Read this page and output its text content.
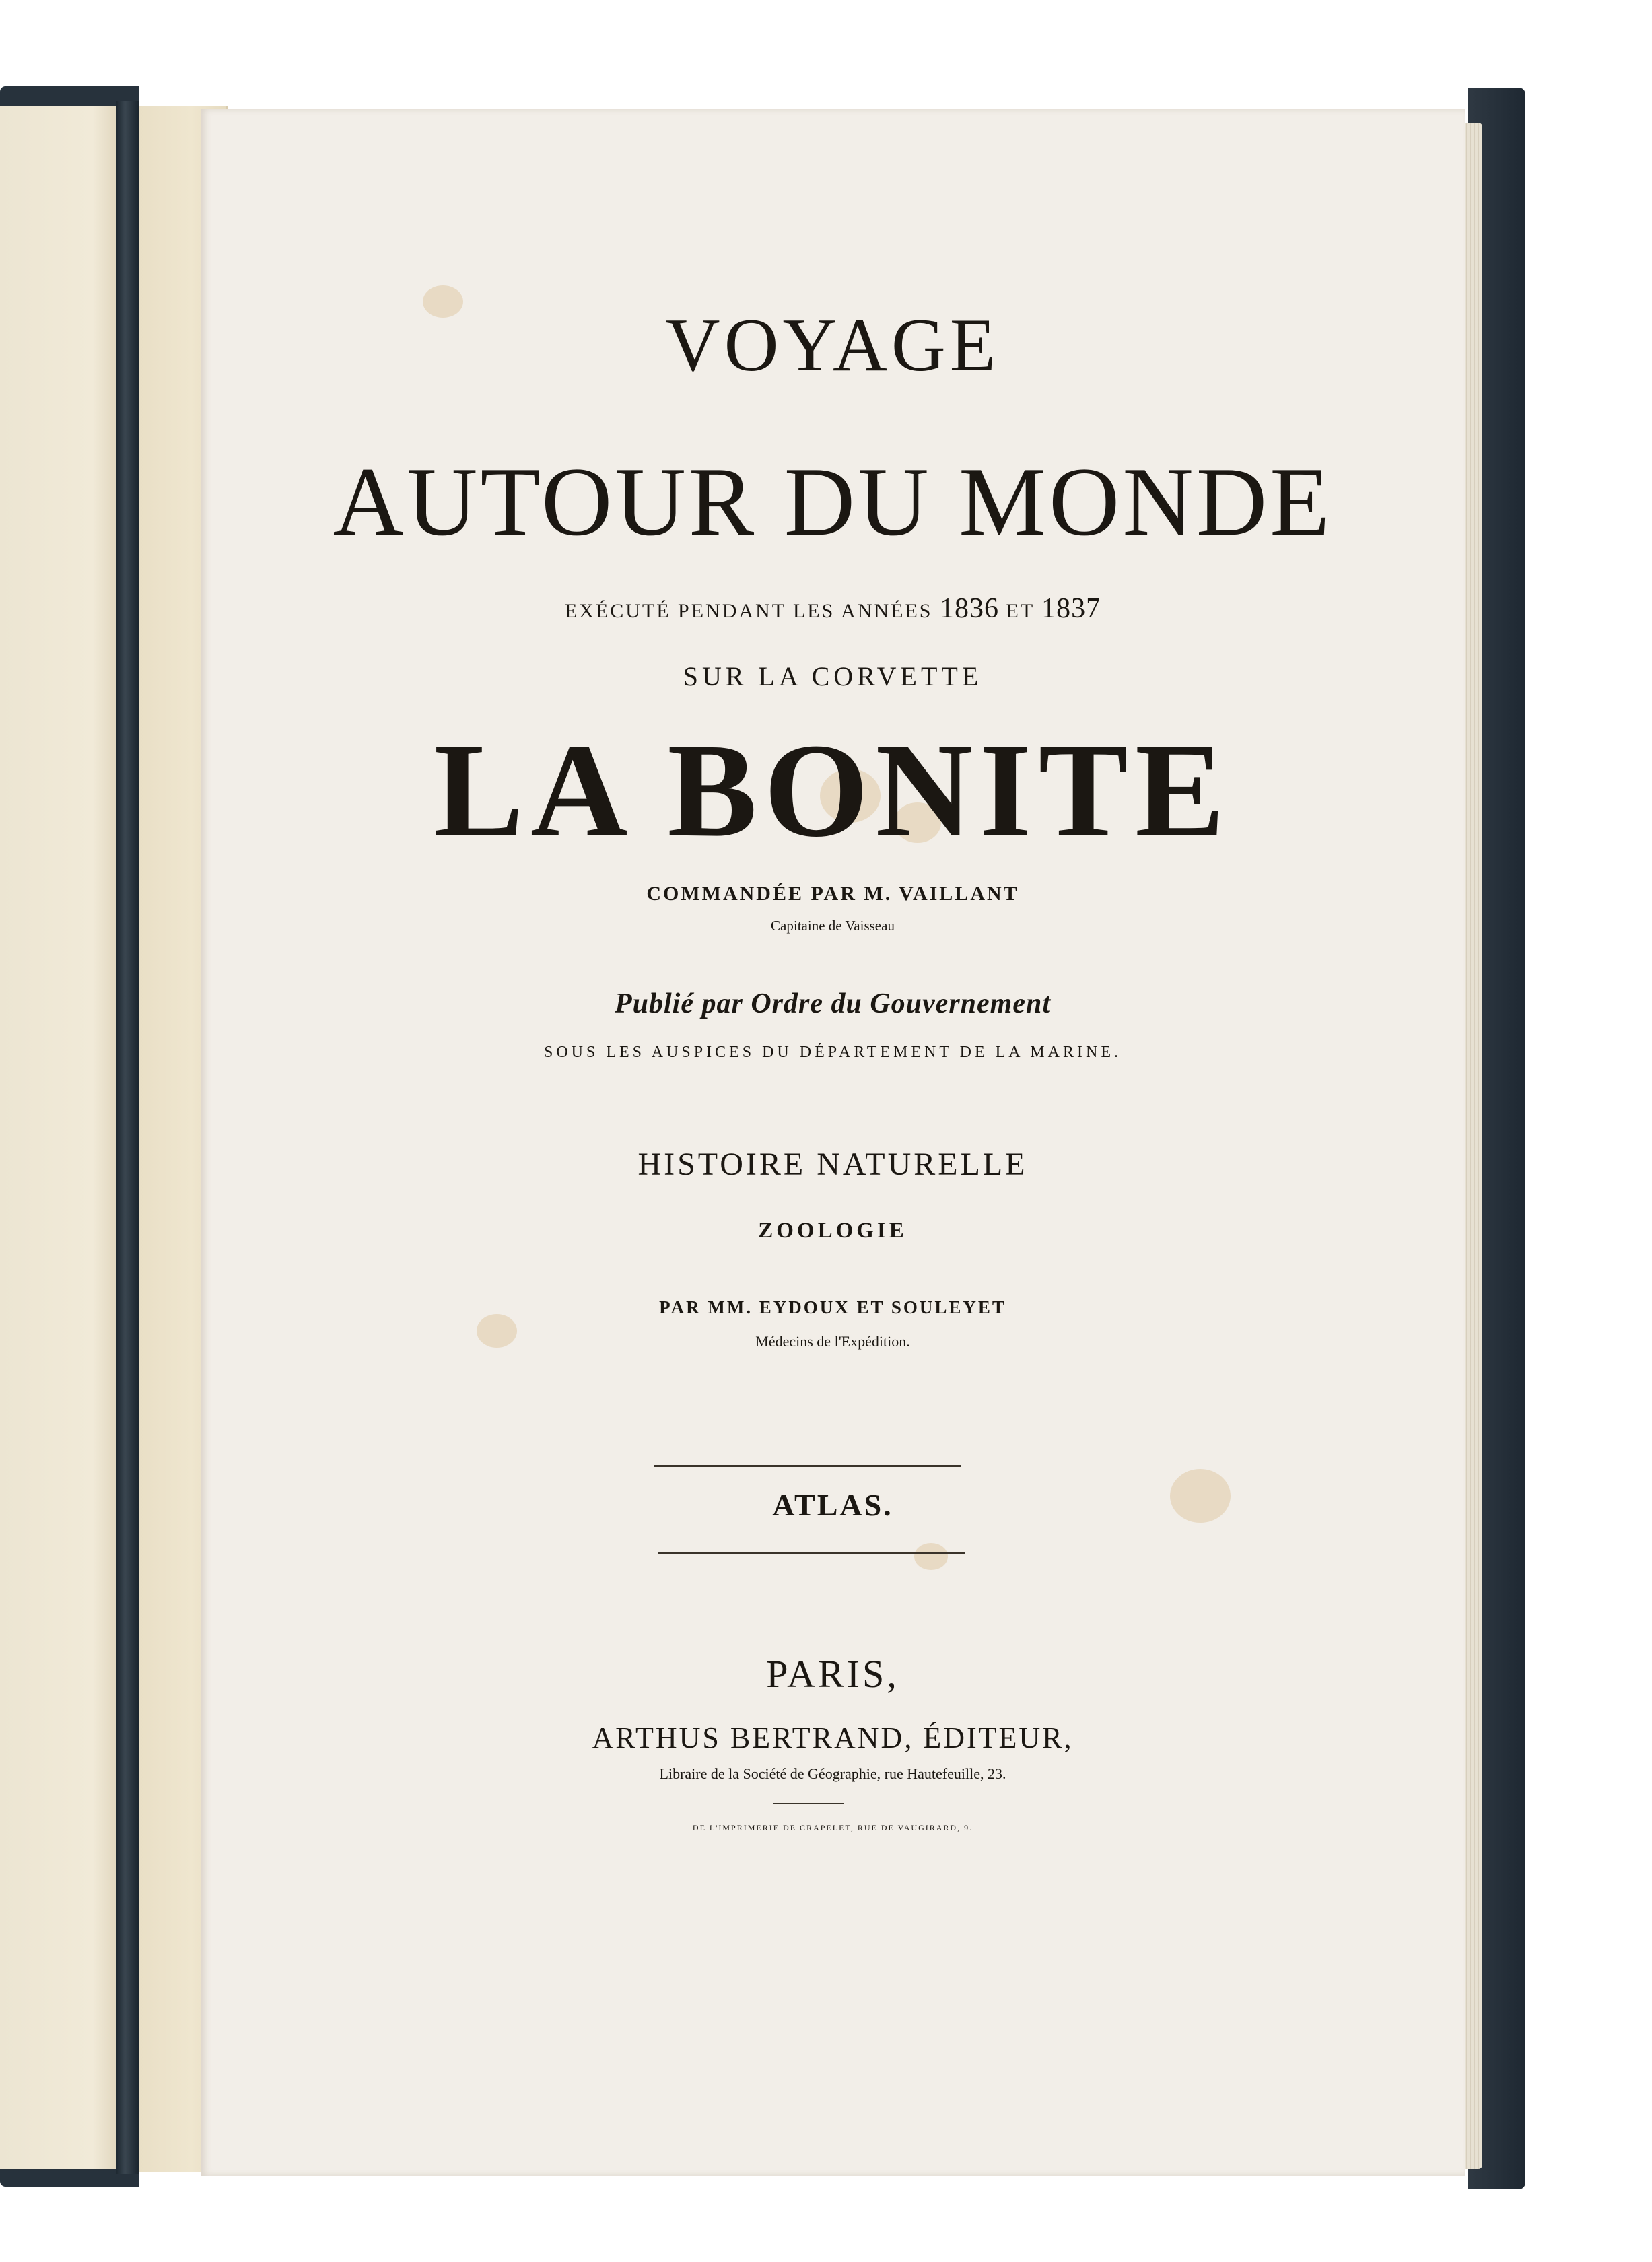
VOYAGE
AUTOUR DU MONDE
EXÉCUTÉ PENDANT LES ANNÉES 1836 ET 1837
SUR LA CORVETTE
LA BONITE
COMMANDÉE PAR M. VAILLANT
Capitaine de Vaisseau
Publié par Ordre du Gouvernement
SOUS LES AUSPICES DU DÉPARTEMENT DE LA MARINE.
HISTOIRE NATURELLE
ZOOLOGIE
PAR MM. EYDOUX ET SOULEYET
Médecins de l'Expédition.
ATLAS.
PARIS,
ARTHUS BERTRAND, ÉDITEUR,
Libraire de la Société de Géographie, rue Hautefeuille, 23.
DE L'IMPRIMERIE DE CRAPELET, RUE DE VAUGIRARD, 9.
